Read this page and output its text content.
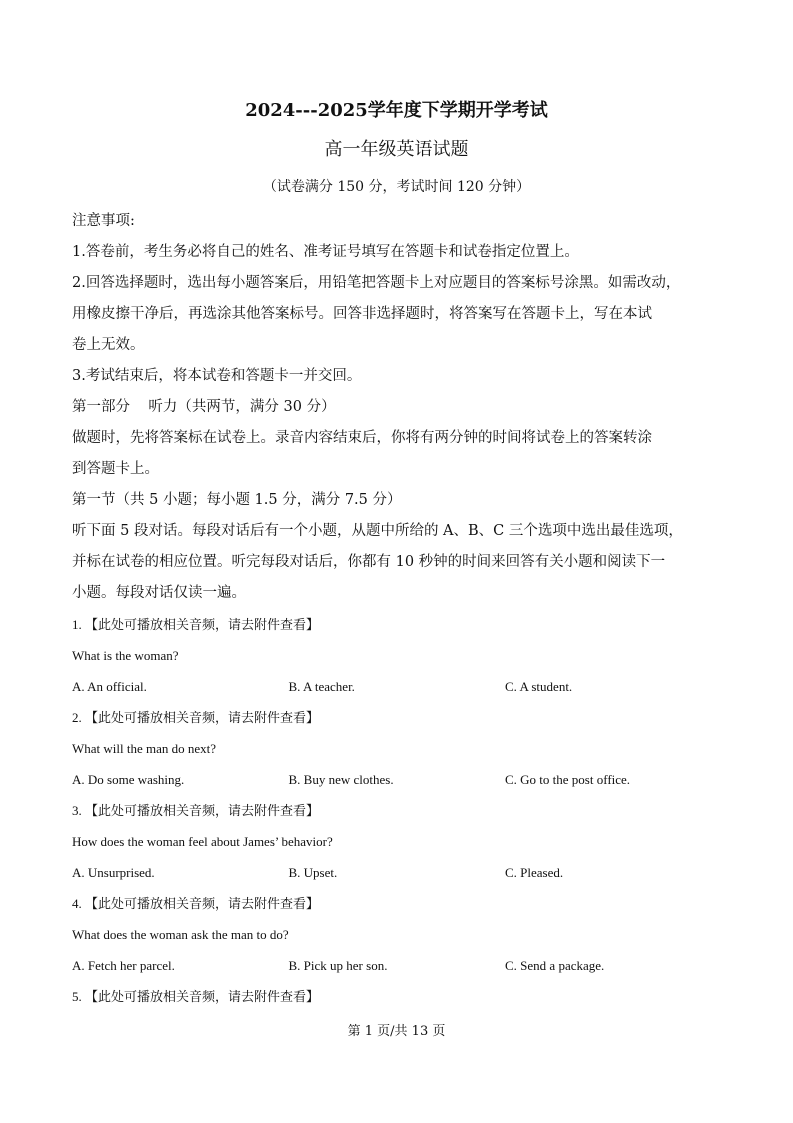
2024---2025学年度下学期开学考试
高一年级英语试题
（试卷满分 150 分，考试时间 120 分钟）
注意事项:
1.答卷前，考生务必将自己的姓名、准考证号填写在答题卡和试卷指定位置上。
2.回答选择题时，选出每小题答案后，用铅笔把答题卡上对应题目的答案标号涂黑。如需改动，
用橡皮擦干净后，再选涂其他答案标号。回答非选择题时，将答案写在答题卡上，写在本试
卷上无效。
3.考试结束后，将本试卷和答题卡一并交回。
第一部分    听力（共两节，满分 30 分）
做题时，先将答案标在试卷上。录音内容结束后，你将有两分钟的时间将试卷上的答案转涂
到答题卡上。
第一节（共 5 小题；每小题 1.5 分，满分 7.5 分）
听下面 5 段对话。每段对话后有一个小题，从题中所给的 A、B、C 三个选项中选出最佳选项，
并标在试卷的相应位置。听完每段对话后，你都有 10 秒钟的时间来回答有关小题和阅读下一
小题。每段对话仅读一遍。
1. 【此处可播放相关音频，请去附件查看】
What is the woman?
A. An official.	B. A teacher.	C. A student.
2. 【此处可播放相关音频，请去附件查看】
What will the man do next?
A. Do some washing.	B. Buy new clothes.	C. Go to the post office.
3. 【此处可播放相关音频，请去附件查看】
How does the woman feel about James’ behavior?
A. Unsurprised.	B. Upset.	C. Pleased.
4. 【此处可播放相关音频，请去附件查看】
What does the woman ask the man to do?
A. Fetch her parcel.	B. Pick up her son.	C. Send a package.
5. 【此处可播放相关音频，请去附件查看】
第 1 页/共 13 页
